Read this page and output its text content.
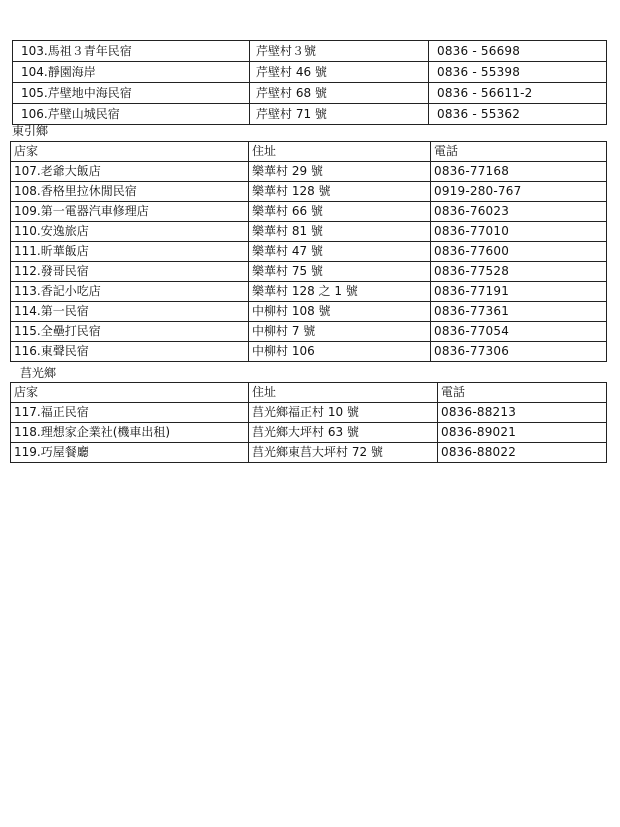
103.馬祖３青年民宿	芹壁村３號	0836 - 56698
104.靜園海岸	芹壁村 46 號	0836 - 55398
105.芹壁地中海民宿	芹壁村 68 號	0836 - 56611-2
106.芹壁山城民宿	芹壁村 71 號	0836 - 55362
東引鄉
店家	住址	電話
107.老爺大飯店	樂華村 29 號	0836-77168
108.香格里拉休閒民宿	樂華村 128 號	0919-280-767
109.第一電器汽車修理店	樂華村 66 號	0836-76023
110.安逸旅店	樂華村 81 號	0836-77010
111.昕華飯店	樂華村 47 號	0836-77600
112.發哥民宿	樂華村 75 號	0836-77528
113.香記小吃店	樂華村 128 之 1 號	0836-77191
114.第一民宿	中柳村 108 號	0836-77361
115.全壘打民宿	中柳村 7 號	0836-77054
116.東聲民宿	中柳村 106	0836-77306
莒光鄉
店家	住址	電話
117.福正民宿	莒光鄉福正村 10 號	0836-88213
118.理想家企業社(機車出租)	莒光鄉大坪村 63 號	0836-89021
119.巧屋餐廳	莒光鄉東莒大坪村 72 號	0836-88022
